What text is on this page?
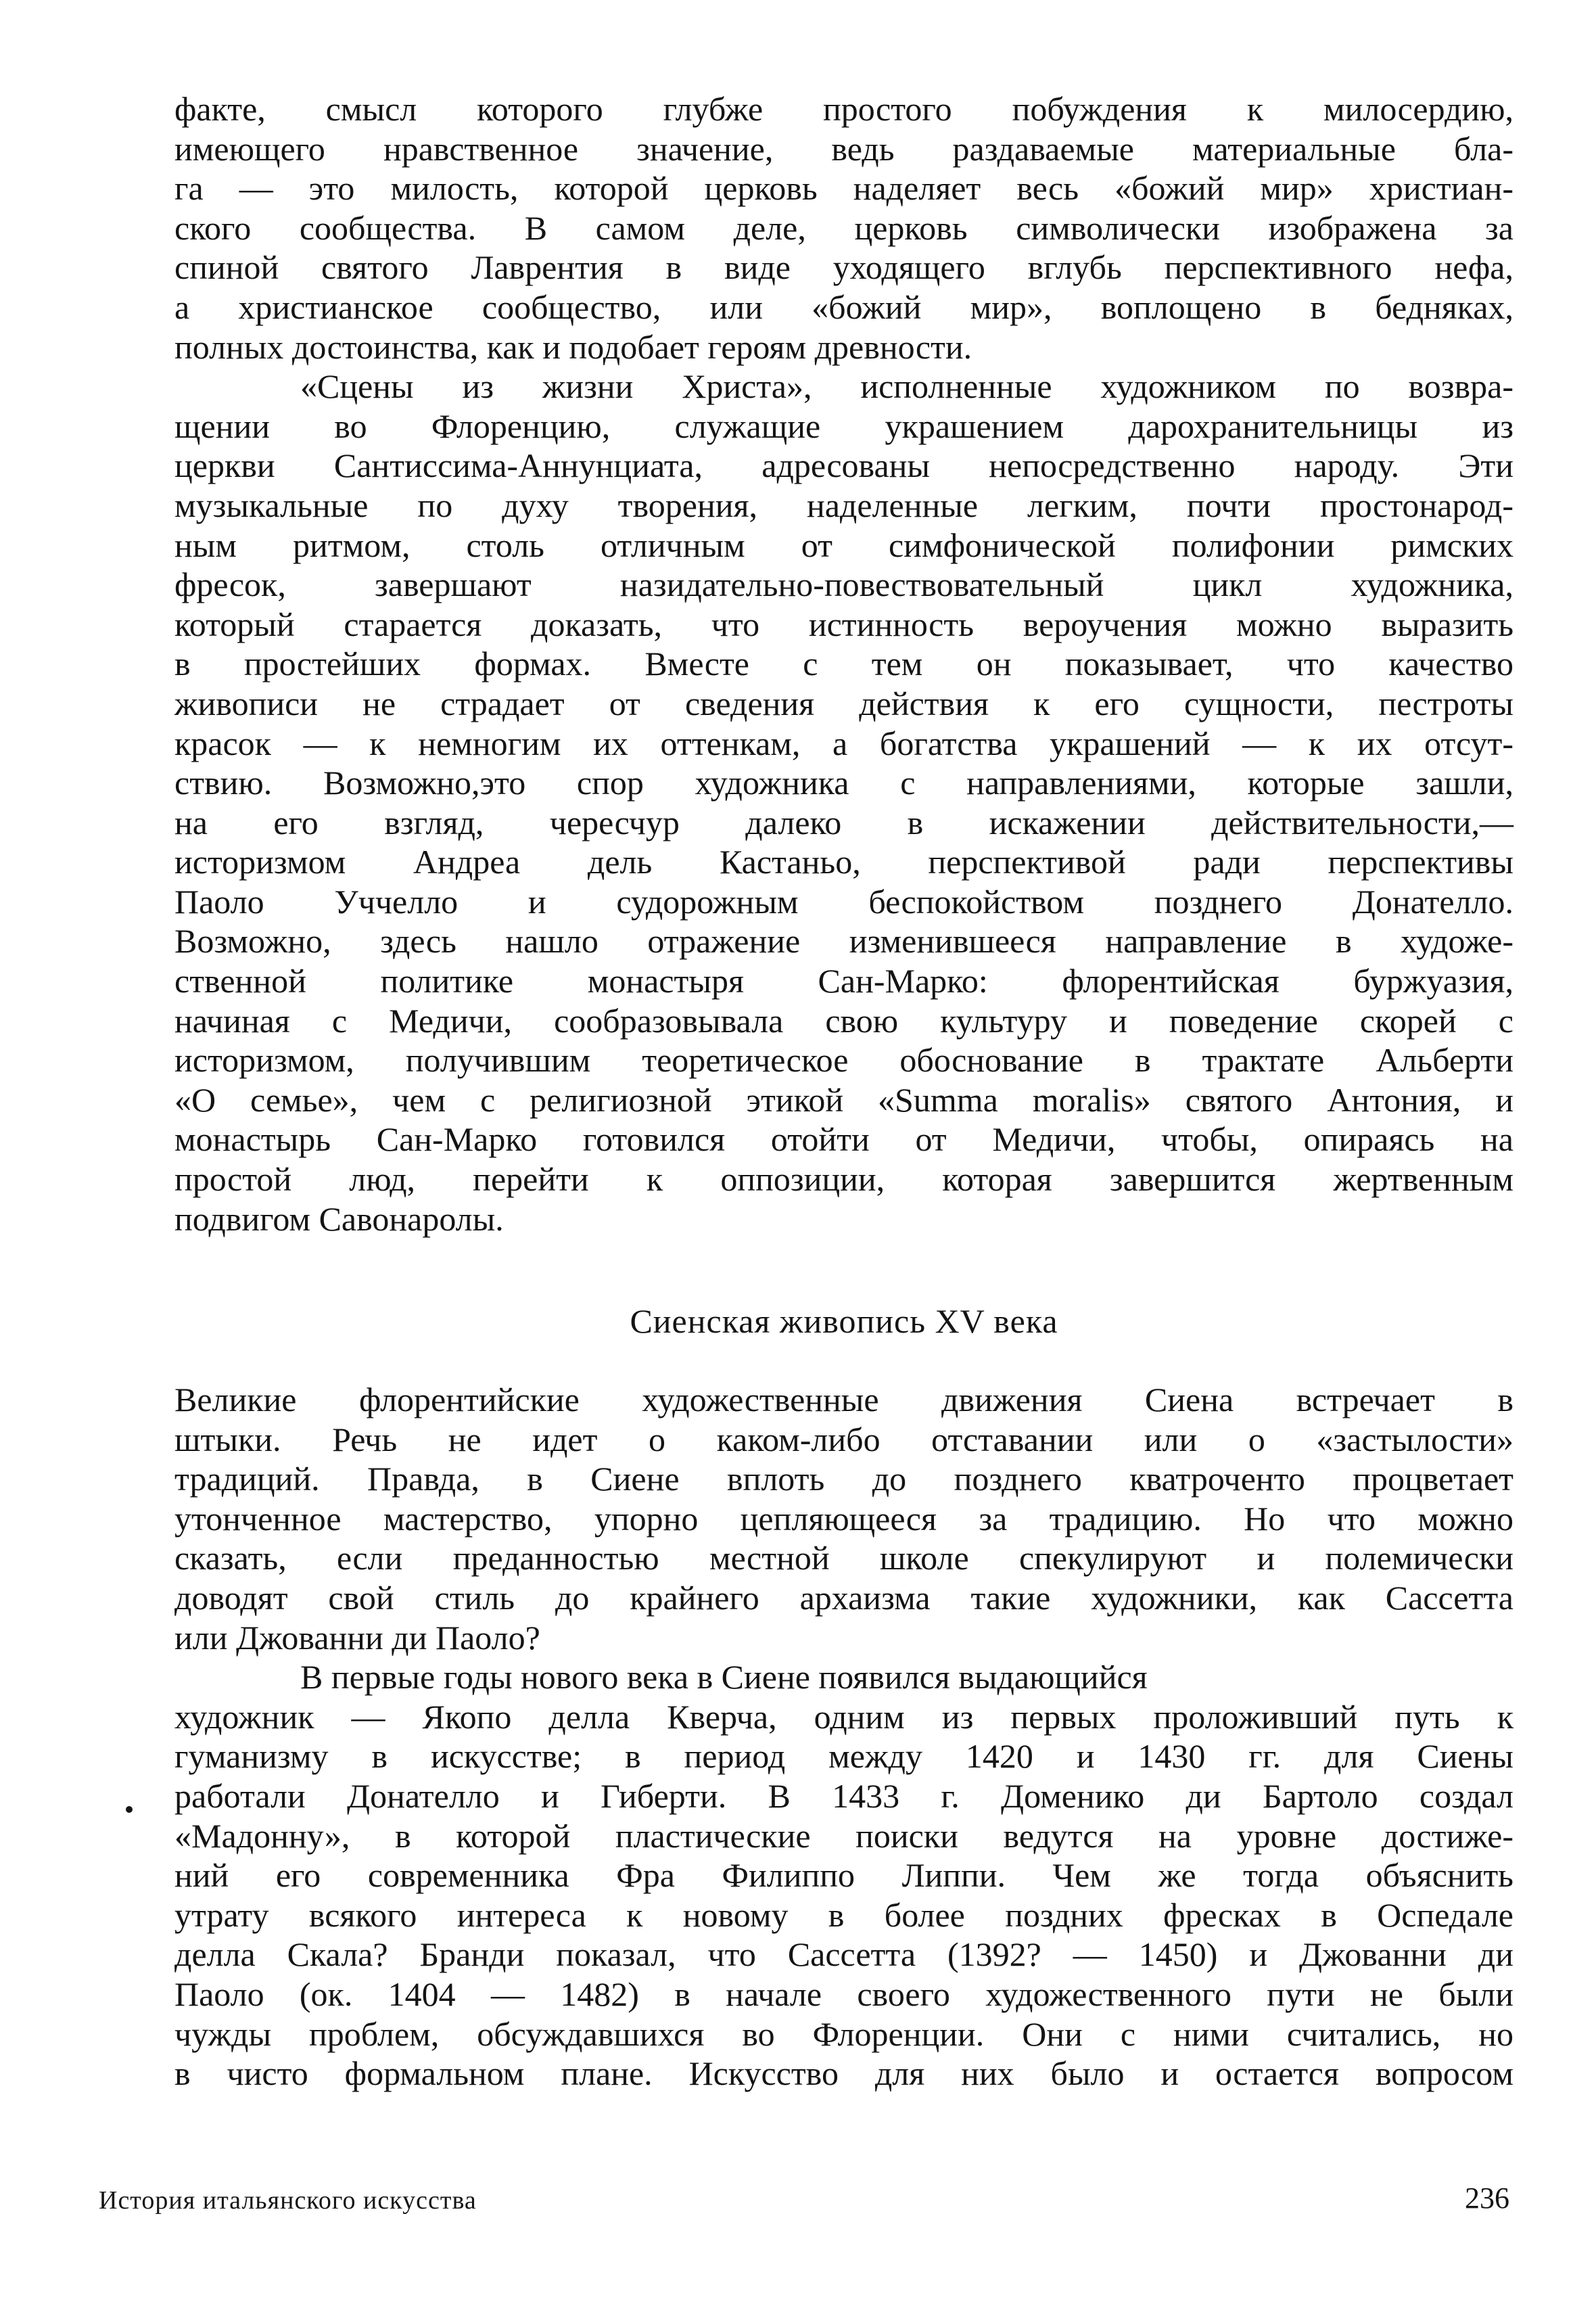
факте, смысл которого глубже простого побуждения к милосердию,
имеющего нравственное значение, ведь раздаваемые материальные бла-
га — это милость, которой церковь наделяет весь «божий мир» христиан-
ского сообщества. В самом деле, церковь символически изображена за
спиной святого Лаврентия в виде уходящего вглубь перспективного нефа,
а христианское сообщество, или «божий мир», воплощено в бедняках,
полных достоинства, как и подобает героям древности.
«Сцены из жизни Христа», исполненные художником по возвра-
щении во Флоренцию, служащие украшением дарохранительницы из
церкви Сантиссима-Аннунциата, адресованы непосредственно народу. Эти
музыкальные по духу творения, наделенные легким, почти простонарод-
ным ритмом, столь отличным от симфонической полифонии римских
фресок, завершают назидательно-повествовательный цикл художника,
который старается доказать, что истинность вероучения можно выразить
в простейших формах. Вместе с тем он показывает, что качество
живописи не страдает от сведения действия к его сущности, пестроты
красок — к немногим их оттенкам, а богатства украшений — к их отсут-
ствию. Возможно,это спор художника с направлениями, которые зашли,
на его взгляд, чересчур далеко в искажении действительности,—
историзмом Андреа дель Кастаньо, перспективой ради перспективы
Паоло Уччелло и судорожным беспокойством позднего Донателло.
Возможно, здесь нашло отражение изменившееся направление в художе-
ственной политике монастыря Сан-Марко: флорентийская буржуазия,
начиная с Медичи, сообразовывала свою культуру и поведение скорей с
историзмом, получившим теоретическое обоснование в трактате Альберти
«О семье», чем с религиозной этикой «Summa moralis» святого Антония, и
монастырь Сан-Марко готовился отойти от Медичи, чтобы, опираясь на
простой люд, перейти к оппозиции, которая завершится жертвенным
подвигом Савонаролы.
Сиенская живопись XV века
Великие флорентийские художественные движения Сиена встречает в
штыки. Речь не идет о каком-либо отставании или о «застылости»
традиций. Правда, в Сиене вплоть до позднего кватроченто процветает
утонченное мастерство, упорно цепляющееся за традицию. Но что можно
сказать, если преданностью местной школе спекулируют и полемически
доводят свой стиль до крайнего архаизма такие художники, как Сассетта
или Джованни ди Паоло?
В первые годы нового века в Сиене появился выдающийся
художник — Якопо делла Кверча, одним из первых проложивший путь к
гуманизму в искусстве; в период между 1420 и 1430 гг. для Сиены
работали Донателло и Гиберти. В 1433 г. Доменико ди Бартоло создал
«Мадонну», в которой пластические поиски ведутся на уровне достиже-
ний его современника Фра Филиппо Липпи. Чем же тогда объяснить
утрату всякого интереса к новому в более поздних фресках в Оспедале
делла Скала? Бранди показал, что Сассетта (1392? — 1450) и Джованни ди
Паоло (ок. 1404 — 1482) в начале своего художественного пути не были
чужды проблем, обсуждавшихся во Флоренции. Они с ними считались, но
в чисто формальном плане. Искусство для них было и остается вопросом
История итальянского искусства	236
